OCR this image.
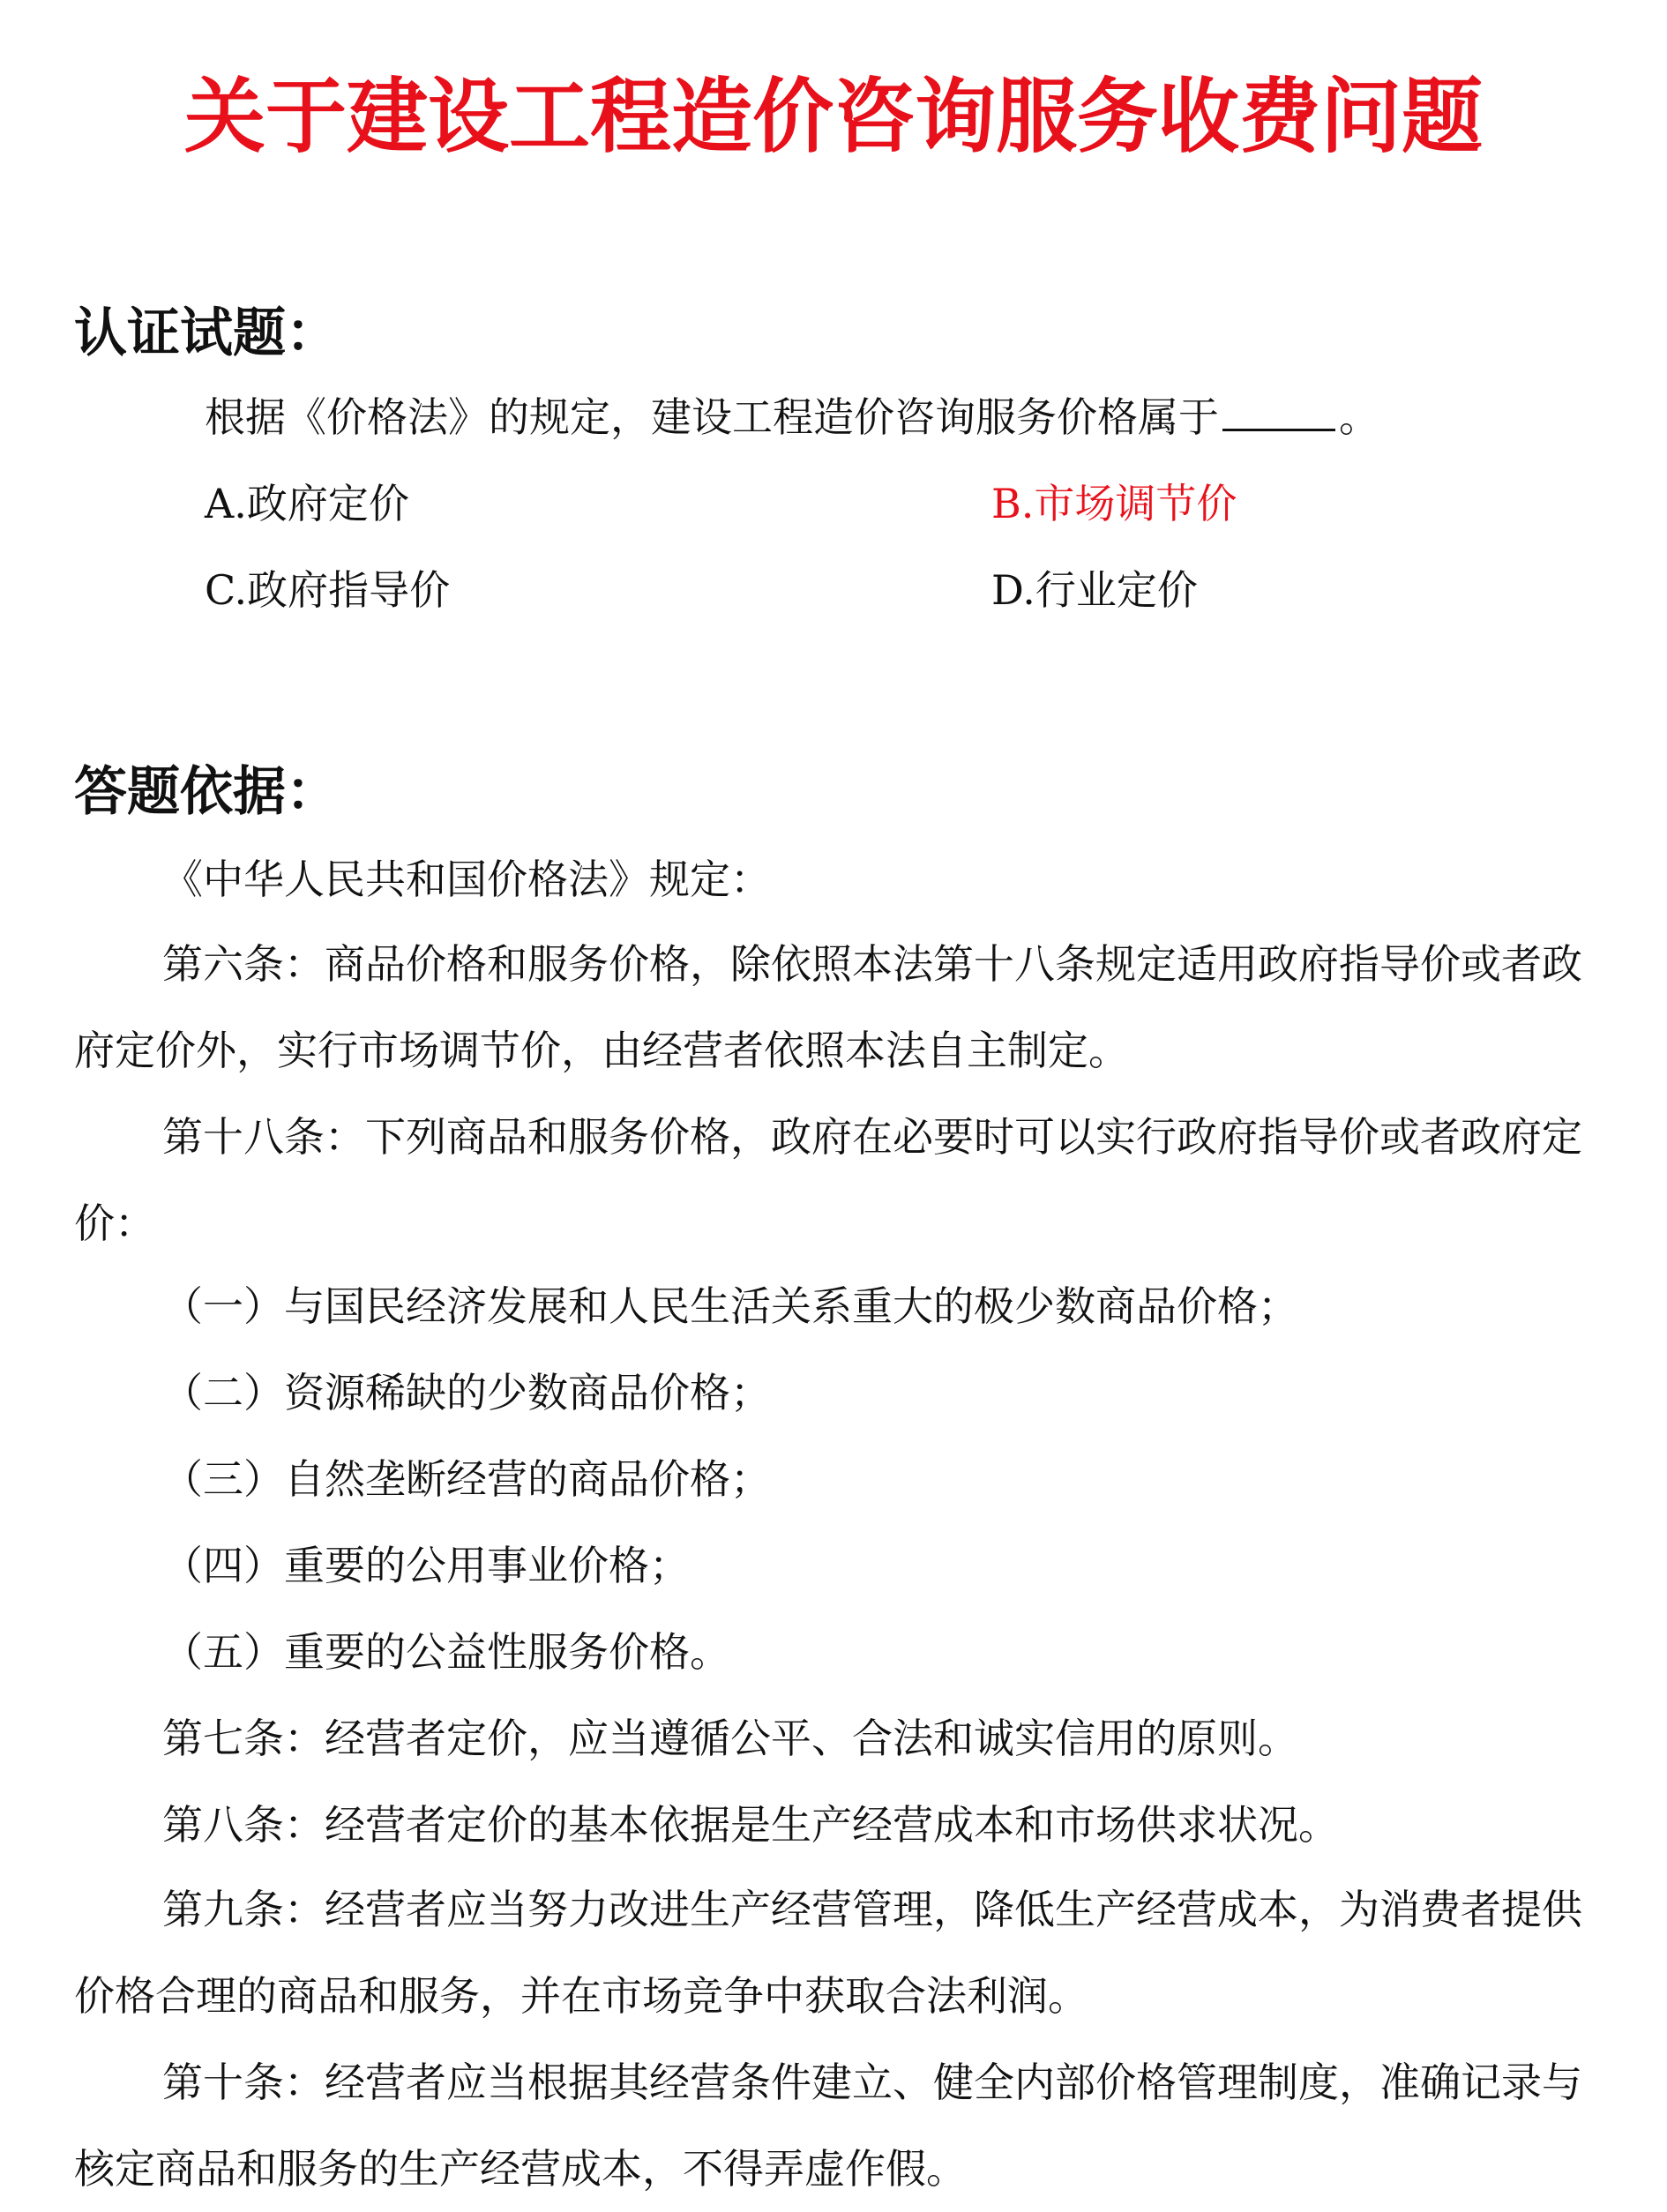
关于建设工程造价咨询服务收费问题
认证试题：

根据《价格法》的规定，建设工程造价咨询服务价格属于	。

A.政府定价	B.市场调节价

C.政府指导价	D.行业定价

答题依据：

《中华人民共和国价格法》规定：

第六条：商品价格和服务价格，除依照本法第十八条规定适用政府指导价或者政府定价外，实行市场调节价，由经营者依照本法自主制定。

第十八条：下列商品和服务价格，政府在必要时可以实行政府指导价或者政府定价：

（一）与国民经济发展和人民生活关系重大的极少数商品价格；

（二）资源稀缺的少数商品价格；

（三）自然垄断经营的商品价格；

（四）重要的公用事业价格；

（五）重要的公益性服务价格。

第七条：经营者定价，应当遵循公平、合法和诚实信用的原则。

第八条：经营者定价的基本依据是生产经营成本和市场供求状况。

第九条：经营者应当努力改进生产经营管理，降低生产经营成本，为消费者提供价格合理的商品和服务，并在市场竞争中获取合法利润。

第十条：经营者应当根据其经营条件建立、健全内部价格管理制度，准确记录与核定商品和服务的生产经营成本，不得弄虚作假。
